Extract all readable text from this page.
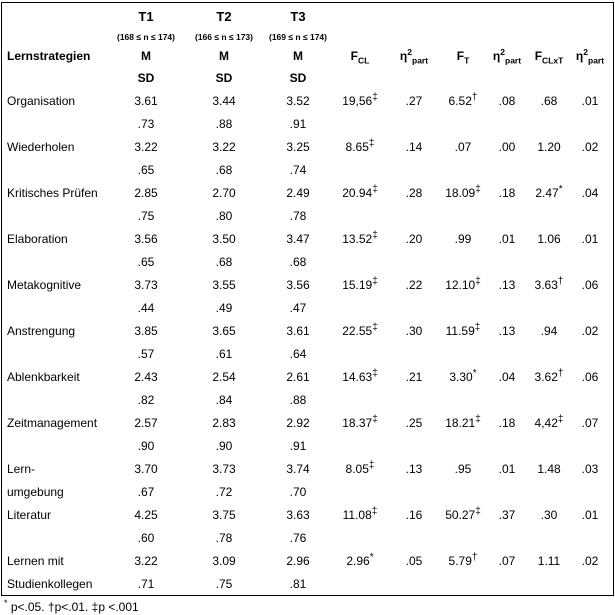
	T1	T2	T3						
	(168 ≤ n ≤ 174)	(166 ≤ n ≤ 173)	(169 ≤ n ≤ 174)						
Lernstrategien	M	M	M	$F_{CL}$	$\eta^2_{part}$	$F_T$	$\eta^2_{part}$	$F_{CLxT}$	$\eta^2_{part}$
	SD	SD	SD						
Organisation	3.61	3.44	3.52	19,56‡	.27	6.52†	.08	.68	.01
	.73	.88	.91						
Wiederholen	3.22	3.22	3.25	8.65‡	.14	.07	.00	1.20	.02
	.65	.68	.74						
Kritisches Prüfen	2.85	2.70	2.49	20.94‡	.28	18.09‡	.18	2.47*	.04
	.75	.80	.78						
Elaboration	3.56	3.50	3.47	13.52‡	.20	.99	.01	1.06	.01
	.65	.68	.68						
Metakognitive	3.73	3.55	3.56	15.19‡	.22	12.10‡	.13	3.63†	.06
	.44	.49	.47						
Anstrengung	3.85	3.65	3.61	22.55‡	.30	11.59‡	.13	.94	.02
	.57	.61	.64						
Ablenkbarkeit	2.43	2.54	2.61	14.63‡	.21	3.30*	.04	3.62†	.06
	.82	.84	.88						
Zeitmanagement	2.57	2.83	2.92	18.37‡	.25	18.21‡	.18	4,42‡	.07
	.90	.90	.91						
Lern-	3.70	3.73	3.74	8.05‡	.13	.95	.01	1.48	.03
umgebung	.67	.72	.70						
Literatur	4.25	3.75	3.63	11.08‡	.16	50.27‡	.37	.30	.01
	.60	.78	.76						
Lernen mit	3.22	3.09	2.96	2.96*	.05	5.79†	.07	1.11	.02
Studienkollegen	.71	.75	.81						
* p<.05. †p<.01. ‡p <.001
